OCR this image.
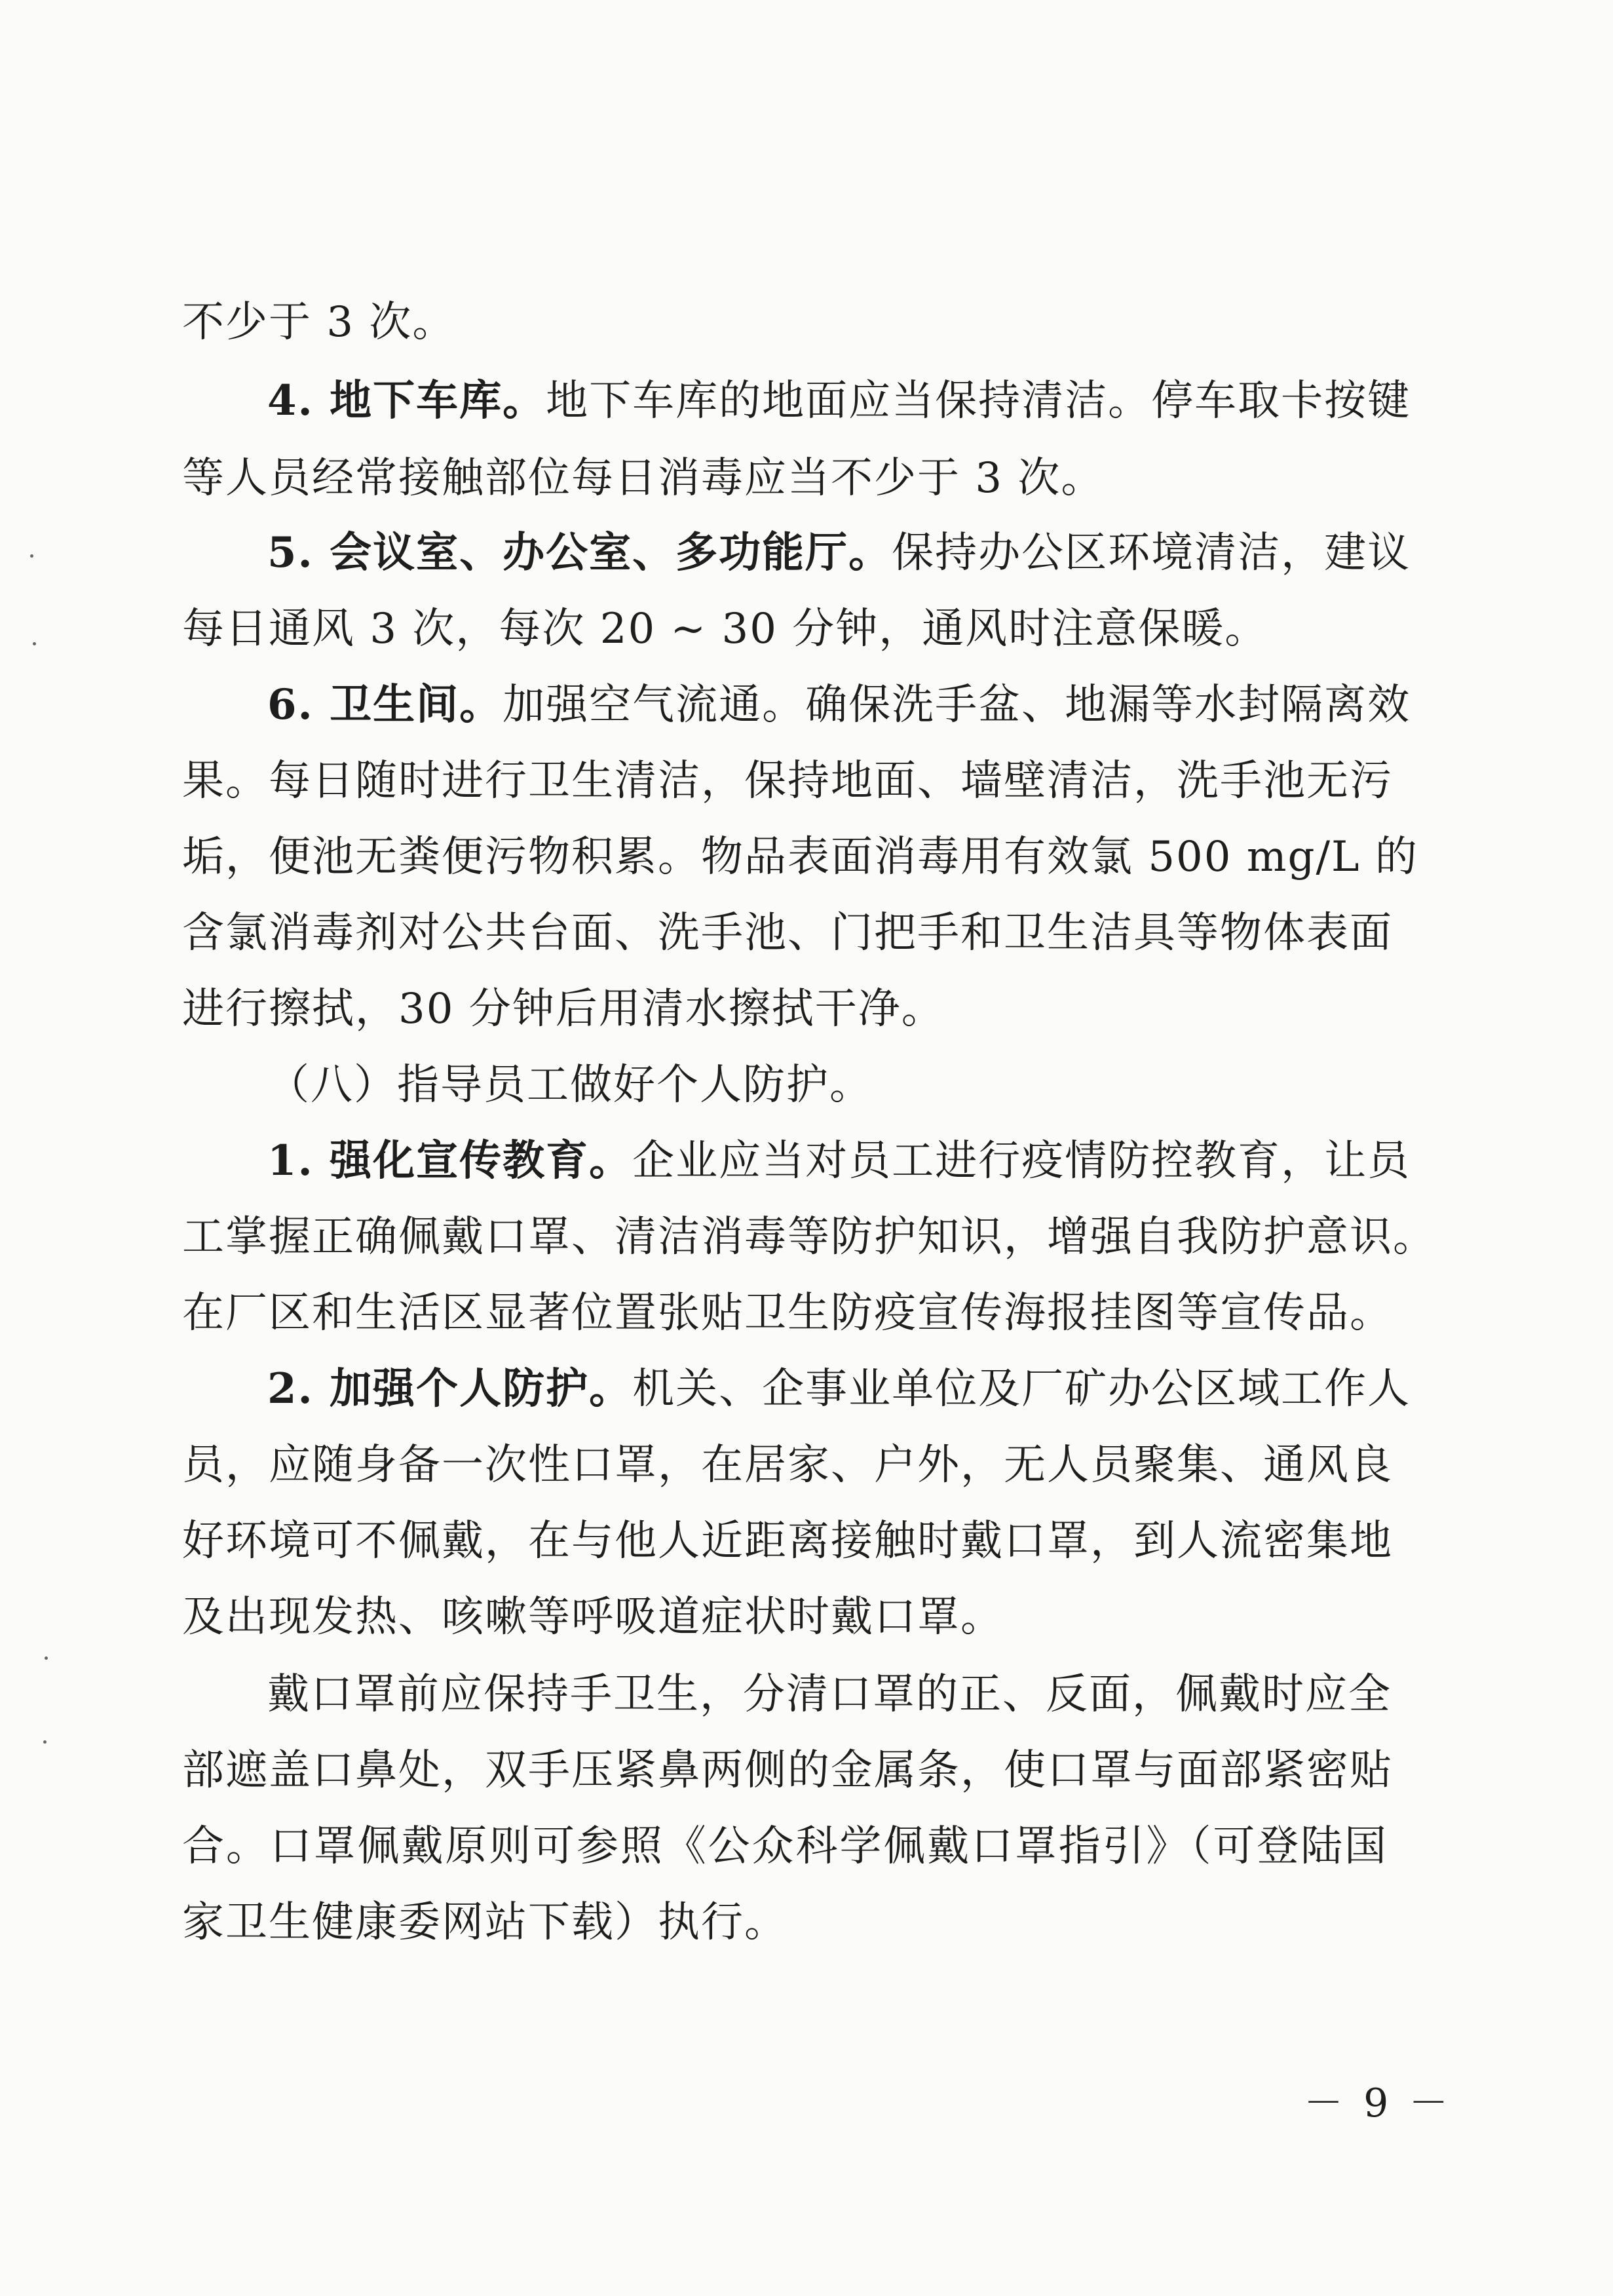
不少于 3 次。
4. 地下车库。地下车库的地面应当保持清洁。停车取卡按键
等人员经常接触部位每日消毒应当不少于 3 次。
5. 会议室、办公室、多功能厅。保持办公区环境清洁，建议
每日通风 3 次，每次 20 ~ 30 分钟，通风时注意保暖。
6. 卫生间。加强空气流通。确保洗手盆、地漏等水封隔离效
果。每日随时进行卫生清洁，保持地面、墙壁清洁，洗手池无污
垢，便池无粪便污物积累。物品表面消毒用有效氯 500 mg/L 的
含氯消毒剂对公共台面、洗手池、门把手和卫生洁具等物体表面
进行擦拭，30 分钟后用清水擦拭干净。
（八）指导员工做好个人防护。
1. 强化宣传教育。企业应当对员工进行疫情防控教育，让员
工掌握正确佩戴口罩、清洁消毒等防护知识，增强自我防护意识。
在厂区和生活区显著位置张贴卫生防疫宣传海报挂图等宣传品。
2. 加强个人防护。机关、企事业单位及厂矿办公区域工作人
员，应随身备一次性口罩，在居家、户外，无人员聚集、通风良
好环境可不佩戴，在与他人近距离接触时戴口罩，到人流密集地
及出现发热、咳嗽等呼吸道症状时戴口罩。
戴口罩前应保持手卫生，分清口罩的正、反面，佩戴时应全
部遮盖口鼻处，双手压紧鼻两侧的金属条，使口罩与面部紧密贴
合。口罩佩戴原则可参照《公众科学佩戴口罩指引》（可登陆国
家卫生健康委网站下载）执行。
－ 9 －
